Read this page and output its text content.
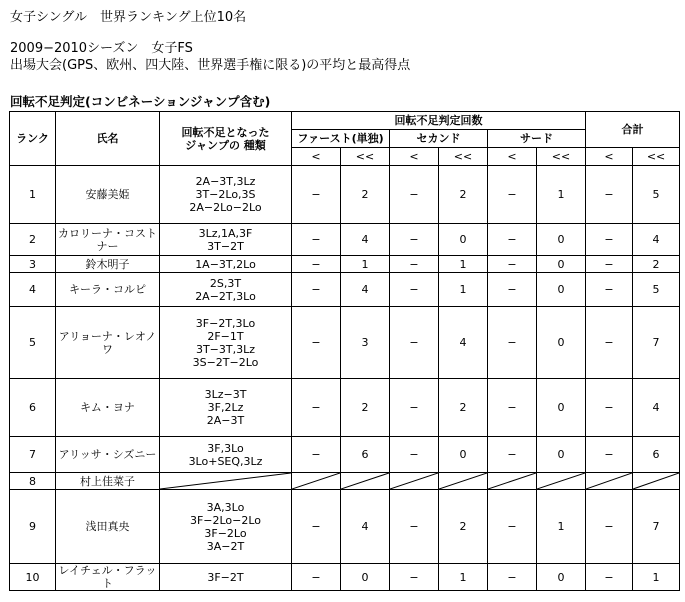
女子シングル　世界ランキング上位10名
2009−2010シーズン　女子FS
出場大会(GPS、欧州、四大陸、世界選手権に限る)の平均と最高得点
回転不足判定(コンビネーションジャンプ含む)
ランク	氏名	回転不足となった
ジャンプの 種類	回転不足判定回数						合計	
			ファースト(単独)		セカンド		サード			
			<	<<	<	<<	<	<<	<	<<
1	安藤美姫	2A−3T,3Lz
3T−2Lo,3S
2A−2Lo−2Lo	−	2	−	2	−	1	−	5
2	カロリーナ・コストナー	3Lz,1A,3F
3T−2T	−	4	−	0	−	0	−	4
3	鈴木明子	1A−3T,2Lo	−	1	−	1	−	0	−	2
4	キーラ・コルピ	2S,3T
2A−2T,3Lo	−	4	−	1	−	0	−	5
5	アリョーナ・レオノワ	3F−2T,3Lo
2F−1T
3T−3T,3Lz
3S−2T−2Lo	−	3	−	4	−	0	−	7
6	キム・ヨナ	3Lz−3T
3F,2Lz
2A−3T	−	2	−	2	−	0	−	4
7	アリッサ・シズニー	3F,3Lo
3Lo+SEQ,3Lz	−	6	−	0	−	0	−	6
8	村上佳菜子	

9	浅田真央	3A,3Lo
3F−2Lo−2Lo
3F−2Lo
3A−2T	−	4	−	2	−	1	−	7
10	レイチェル・フラット	3F−2T	−	0	−	1	−	0	−	1
